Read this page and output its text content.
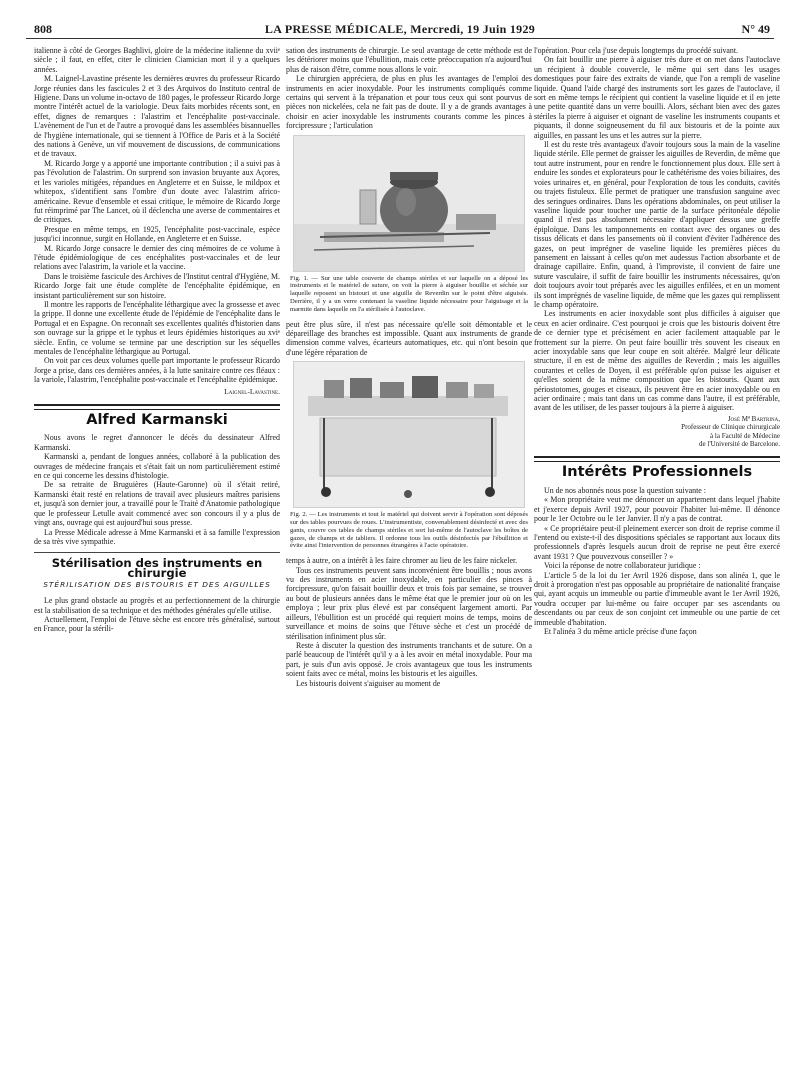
808	LA PRESSE MÉDICALE, Mercredi, 19 Juin 1929	N° 49

italienne à côté de Georges Baghlivi, gloire de la médecine italienne du xviiᵉ siècle ; il faut, en effet, citer le clinicien Ciamician mort il y a quelques années.

M. Laignel-Lavastine présente les dernières œuvres du professeur Ricardo Jorge réunies dans les fascicules 2 et 3 des Arquivos do Instituto central de Higiene. Dans un volume in-octavo de 180 pages, le professeur Ricardo Jorge montre l'intérêt actuel de la variologie. Deux faits morbides récents sont, en effet, dignes de remarques : l'alastrim et l'encéphalite post-vaccinale. L'avènement de l'un et de l'autre a provoqué dans les assemblées bisannuelles de l'hygiène internationale, qui se tiennent à l'Office de Paris et à la Société des nations à Genève, un vif mouvement de discussions, de communications et de travaux.

M. Ricardo Jorge y a apporté une importante contribution ; il a suivi pas à pas l'évolution de l'alastrim. On surprend son invasion bruyante aux Açores, et les varioles mitigées, répandues en Angleterre et en Suisse, le mildpox et whitepox, s'identifient sans l'ombre d'un doute avec l'alastrim africo-américaine. Revue d'ensemble et essai critique, le mémoire de Ricardo Jorge fut réimprimé par The Lancet, où il déclencha une averse de commentaires et de critiques.

Presque en même temps, en 1925, l'encéphalite post-vaccinale, espèce jusqu'ici inconnue, surgit en Hollande, en Angleterre et en Suisse.

M. Ricardo Jorge consacre le dernier des cinq mémoires de ce volume à l'étude épidémiologique de ces encéphalites post-vaccinales et de leur relations avec l'alastrim, la variole et la vaccine.

Dans le troisième fascicule des Archives de l'Institut central d'Hygiène, M. Ricardo Jorge fait une étude complète de l'encéphalite épidémique, en insistant particulièrement sur son histoire.

Il montre les rapports de l'encéphalite léthargique avec la grossesse et avec la grippe. Il donne une excellente étude de l'épidémie de l'encéphalite dans le Portugal et en Espagne. On reconnaît ses excellentes qualités d'historien dans son ouvrage sur la grippe et le typhus et leurs épidémies historiques au xviᵉ siècle. Enfin, ce volume se termine par une description sur les séquelles mentales de l'encéphalite léthargique au Portugal.

On voit par ces deux volumes quelle part importante le professeur Ricardo Jorge a prise, dans ces dernières années, à la lutte sanitaire contre ces fléaux : la variole, l'alastrim, l'encéphalite post-vaccinale et l'encéphalite épidémique.

Laignel-Lavastine.
Alfred Karmanski

Nous avons le regret d'annoncer le décès du dessinateur Alfred Karmanski.

Karmanski a, pendant de longues années, collaboré à la publication des ouvrages de médecine français et s'était fait un nom particulièrement estimé en ce qui concerne les dessins d'histologie.

De sa retraite de Bruguières (Haute-Garonne) où il s'était retiré, Karmanski était resté en relations de travail avec plusieurs maîtres parisiens et, jusqu'à son dernier jour, a travaillé pour le Traité d'Anatomie pathologique que le professeur Letulle avait commencé avec son concours il y a plus de vingt ans, ouvrage qui est aujourd'hui sous presse.

La Presse Médicale adresse à Mme Karmanski et à sa famille l'expression de sa très vive sympathie.

Stérilisation des instruments en chirurgie
STÉRILISATION DES BISTOURIS ET DES AIGUILLES

Le plus grand obstacle au progrès et au perfectionnement de la chirurgie est la stabilisation de sa technique et des méthodes générales qu'elle utilise.

Actuellement, l'emploi de l'étuve sèche est encore très généralisé, surtout en France, pour la stérili-

sation des instruments de chirurgie. Le seul avantage de cette méthode est de les détériorer moins que l'ébullition, mais cette préoccupation n'a aujourd'hui plus de raison d'être, comme nous allons le voir.

Le chirurgien appréciera, de plus en plus les avantages de l'emploi des instruments en acier inoxydable. Pour les instruments compliqués comme certains qui servent à la trépanation et pour tous ceux qui sont pourvus de pièces non nickelées, cela ne fait pas de doute. Il y a de grands avantages à choisir en acier inoxydable les instruments courants comme les pinces à forcipressure ; l'articulation

Fig. 1. — Sur une table couverte de champs stériles et sur laquelle on a déposé les instruments et le matériel de suture, on voit la pierre à aiguiser bouillie et séchée sur laquelle reposent un bistouri et une aiguille de Reverdin sur le point d'être aiguisés. Derrière, il y a un verre contenant la vaseline liquide nécessaire pour l'aiguisage et la marmite dans laquelle on l'a stérilisée à l'autoclave.

peut être plus sûre, il n'est pas nécessaire qu'elle soit démontable et le dépareillage des branches est impossible. Quant aux instruments de grande dimension comme valves, écarteurs automatiques, etc. qui n'ont besoin que d'une légère réparation de

Fig. 2. — Les instruments et tout le matériel qui doivent servir à l'opération sont déposés sur des tables pourvues de roues. L'instrumentiste, convenablement désinfecté et avec des gants, couvre ces tables de champs stériles et sort lui-même de l'autoclave les boîtes de gazes, de champs et de tabliers. Il ordonne tous les outils désinfectés par l'ébullition et évite ainsi l'intervention de personnes étrangères à l'acte opératoire.

temps à autre, on a intérêt à les faire chromer au lieu de les faire nickeler.

Tous ces instruments peuvent sans inconvénient être bouillis ; nous avons vu des instruments en acier inoxydable, en particulier des pinces à forcipressure, qu'on faisait bouillir deux et trois fois par semaine, se trouver au bout de plusieurs années dans le même état que le premier jour où on les employa ; leur prix plus élevé est par conséquent largement amorti. Par ailleurs, l'ébullition est un procédé qui requiert moins de temps, moins de surveillance et moins de soins que l'étuve sèche et c'est un procédé de stérilisation infiniment plus sûr.

Reste à discuter la question des instruments tranchants et de suture. On a parlé beaucoup de l'intérêt qu'il y a à les avoir en métal inoxydable. Pour ma part, je suis d'un avis opposé. Je crois avantageux que tous les instruments soient faits avec ce métal, moins les bistouris et les aiguilles.

Les bistouris doivent s'aiguiser au moment de

l'opération. Pour cela j'use depuis longtemps du procédé suivant.

On fait bouillir une pierre à aiguiser très dure et on met dans l'autoclave un récipient à double couvercle, le même qui sert dans les usages domestiques pour faire des extraits de viande, que l'on a rempli de vaseline liquide. Quand l'aide chargé des instruments sort les gazes de l'autoclave, il sort en même temps le récipient qui contient la vaseline liquide et il en jette une petite quantité dans un verre bouilli. Alors, séchant bien avec des gazes stériles la pierre à aiguiser et oignant de vaseline les instruments coupants et piquants, il donne soigneusement du fil aux bistouris et de la pointe aux aiguilles, en passant les uns et les autres sur la pierre.

Il est du reste très avantageux d'avoir toujours sous la main de la vaseline liquide stérile. Elle permet de graisser les aiguilles de Reverdin, de même que tout autre instrument, pour en rendre le fonctionnement plus doux. Elle sert à enduire les sondes et explorateurs pour le cathétérisme des voies biliaires, des voies urinaires et, en général, pour l'exploration de tous les conduits, cavités ou trajets fistuleux. Elle permet de pratiquer une transfusion sanguine avec des seringues ordinaires. Dans les opérations abdominales, on peut utiliser la vaseline liquide pour toucher une partie de la surface péritonéale dépolie quand il n'est pas absolument nécessaire d'appliquer dessus une greffe épiploïque. Dans les tamponnements en contact avec des organes ou des tissus délicats et dans les pansements où il convient d'éviter l'adhérence des gazes, on peut imprégner de vaseline liquide les premières pièces du pansement en laissant à celles qu'on met audessus l'action absorbante et de drainage capillaire. Enfin, quand, à l'improviste, il convient de faire une suture vasculaire, il suffit de faire bouillir les instruments nécessaires, qu'on doit toujours avoir tout préparés avec les aiguilles enfilées, et en un moment ils sont imprégnés de vaseline liquide, de même que les gazes qui remplissent le champ opératoire.

Les instruments en acier inoxydable sont plus difficiles à aiguiser que ceux en acier ordinaire. C'est pourquoi je crois que les bistouris doivent être de ce dernier type et précisément en acier facilement attaquable par le frottement sur la pierre. On peut faire bouillir très souvent les ciseaux en acier inoxydable sans que leur coupe en soit altérée. Malgré leur délicate structure, il en est de même des aiguilles de Reverdin ; mais les aiguilles courantes et celles de Doyen, il est préférable qu'on puisse les aiguiser et qu'elles soient de la même composition que les bistouris. Quant aux périostotomes, gouges et ciseaux, ils peuvent être en acier inoxydable ou en acier ordinaire ; mais tant dans un cas comme dans l'autre, il est préférable, avant de les utiliser, de les passer toujours à la pierre à aiguiser.

José Mª Bartrina,
Professeur de Clinique chirurgicale
à la Faculté de Médecine
de l'Université de Barcelone.
Intérêts Professionnels

Un de nos abonnés nous pose la question suivante :

« Mon propriétaire veut me dénoncer un appartement dans lequel j'habite et j'exerce depuis Avril 1927, pour pouvoir l'habiter lui-même. Il dénonce pour le 1er Octobre ou le 1er Janvier. Il n'y a pas de contrat.

« Ce propriétaire peut-il pleinement exercer son droit de reprise comme il l'entend ou existe-t-il des dispositions spéciales se rapportant aux locaux dits professionnels d'après lesquels aucun droit de reprise ne peut être exercé avant 1931 ? Que pouvezvous conseiller ? »

Voici la réponse de notre collaborateur juridique :

L'article 5 de la loi du 1er Avril 1926 dispose, dans son alinéa 1, que le droit à prorogation n'est pas opposable au propriétaire de nationalité française qui, ayant acquis un immeuble ou partie d'immeuble avant le 1er Avril 1926, voudra occuper par lui-même ou faire occuper par ses ascendants ou descendants ou par ceux de son conjoint cet immeuble ou une partie de cet immeuble d'habitation.

Et l'alinéa 3 du même article précise d'une façon
